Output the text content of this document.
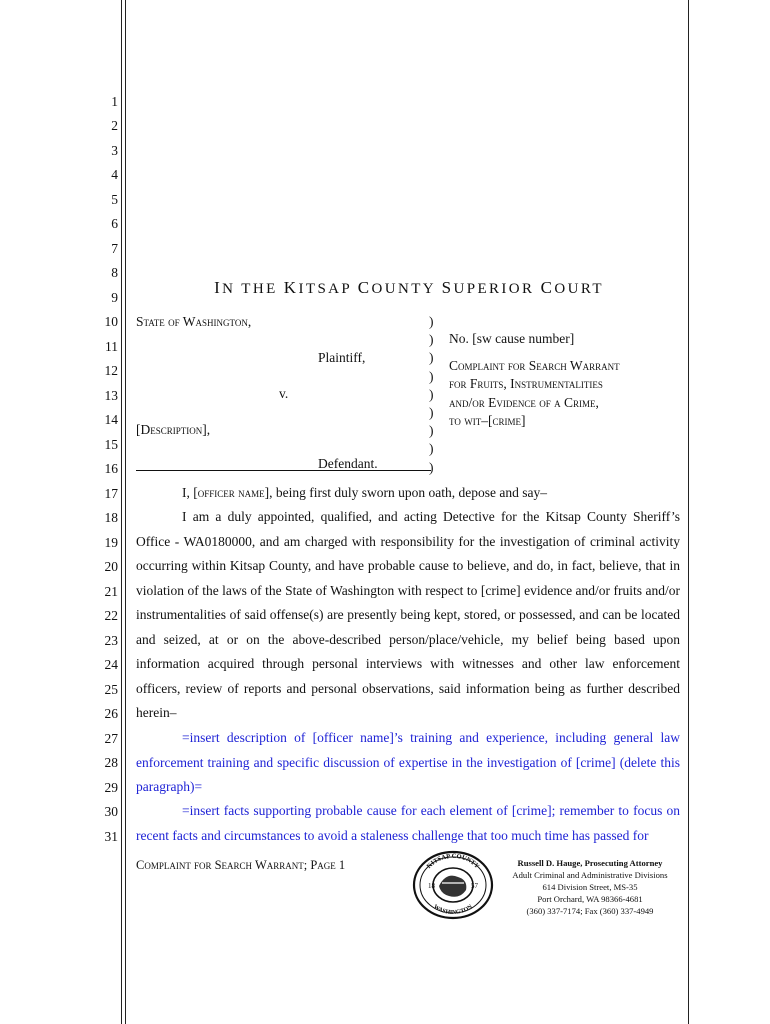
1
2
3
4
5
6
7
8
9
10
11
12
13
14
15
16
17
18
19
20
21
22
23
24
25
26
27
28
29
30
31
IN THE KITSAP COUNTY SUPERIOR COURT
State of Washington,
Plaintiff,
v.
[Description],
Defendant.
)
)
)
)
)
)
)
)
)
No. [sw cause number]
Complaint for Search Warrant
for Fruits, Instrumentalities
and/or Evidence of a Crime,
to wit–[crime]
I, [officer name], being first duly sworn upon oath, depose and say–
I am a duly appointed, qualified, and acting Detective for the Kitsap County Sheriff’s Office - WA0180000, and am charged with responsibility for the investigation of criminal activity occurring within Kitsap County, and have probable cause to believe, and do, in fact, believe, that in violation of the laws of the State of Washington with respect to [crime] evidence and/or fruits and/or instrumentalities of said offense(s) are presently being kept, stored, or possessed, and can be located and seized, at or on the above-described person/place/vehicle, my belief being based upon information acquired through personal interviews with witnesses and other law enforcement officers, review of reports and personal observations, said information being as further described herein–
=insert description of [officer name]’s training and experience, including general law enforcement training and specific discussion of expertise in the investigation of [crime] (delete this paragraph)=
=insert facts supporting probable cause for each element of [crime]; remember to focus on recent facts and circumstances to avoid a staleness challenge that too much time has passed for
Complaint for Search Warrant; Page 1	KITSAP COUNTY
WASHINGTON
18	57
Russell D. Hauge, Prosecuting Attorney
Adult Criminal and Administrative Divisions
614 Division Street, MS-35
Port Orchard, WA 98366-4681
(360) 337-7174; Fax (360) 337-4949
